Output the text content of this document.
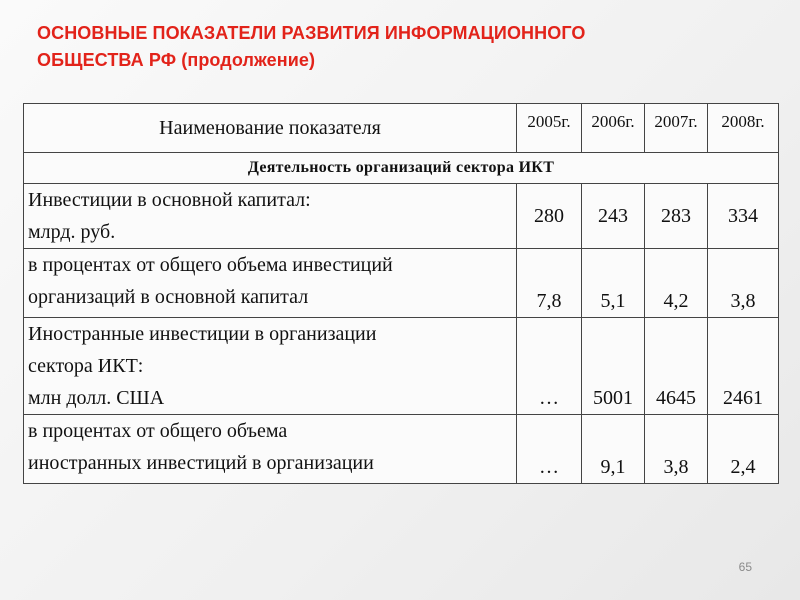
ОСНОВНЫЕ ПОКАЗАТЕЛИ РАЗВИТИЯ ИНФОРМАЦИОННОГО
ОБЩЕСТВА РФ (продолжение)
Наименование показателя	2005г.	2006г.	2007г.	2008г.
Деятельность организаций сектора ИКТ				

Инвестиции в основной капитал:
млрд. руб.	280	243	283	334

в процентах от общего объема инвестиций
организаций в основной капитал	7,8	5,1	4,2	3,8

Иностранные инвестиции в организации
сектора ИКТ:
млн долл. США	…	5001	4645	2461

в процентах от общего объема
иностранных инвестиций в организации	…	9,1	3,8	2,4
65
